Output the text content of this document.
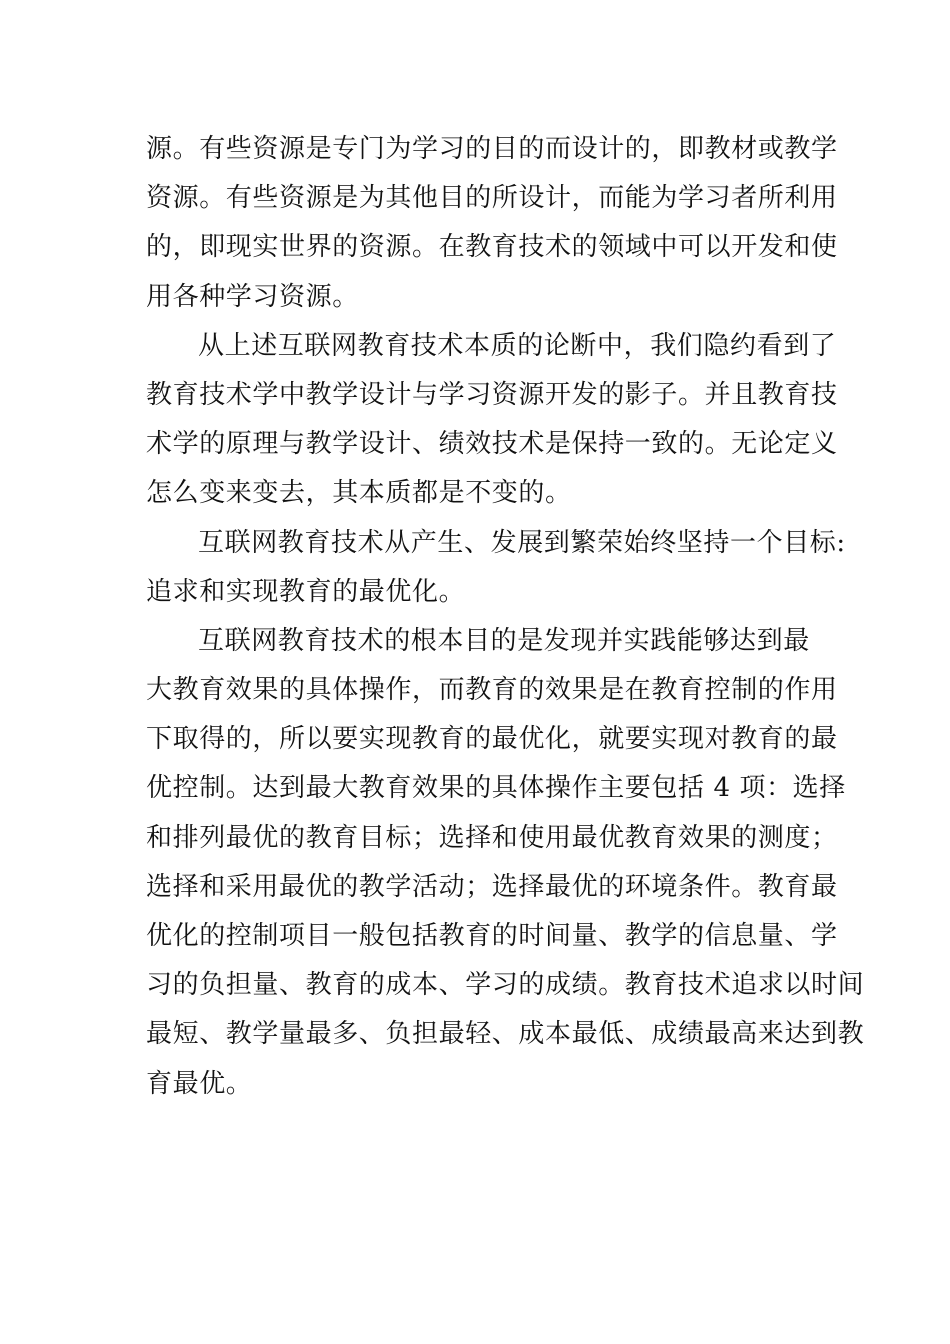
源。有些资源是专门为学习的目的而设计的，即教材或教学
资源。有些资源是为其他目的所设计，而能为学习者所利用
的，即现实世界的资源。在教育技术的领域中可以开发和使
用各种学习资源。

从上述互联网教育技术本质的论断中，我们隐约看到了
教育技术学中教学设计与学习资源开发的影子。并且教育技
术学的原理与教学设计、绩效技术是保持一致的。无论定义
怎么变来变去，其本质都是不变的。

互联网教育技术从产生、发展到繁荣始终坚持一个目标:
追求和实现教育的最优化。

互联网教育技术的根本目的是发现并实践能够达到最
大教育效果的具体操作，而教育的效果是在教育控制的作用
下取得的，所以要实现教育的最优化，就要实现对教育的最
优控制。达到最大教育效果的具体操作主要包括 4 项：选择
和排列最优的教育目标；选择和使用最优教育效果的测度；
选择和采用最优的教学活动；选择最优的环境条件。教育最
优化的控制项目一般包括教育的时间量、教学的信息量、学
习的负担量、教育的成本、学习的成绩。教育技术追求以时间
最短、教学量最多、负担最轻、成本最低、成绩最高来达到教
育最优。
